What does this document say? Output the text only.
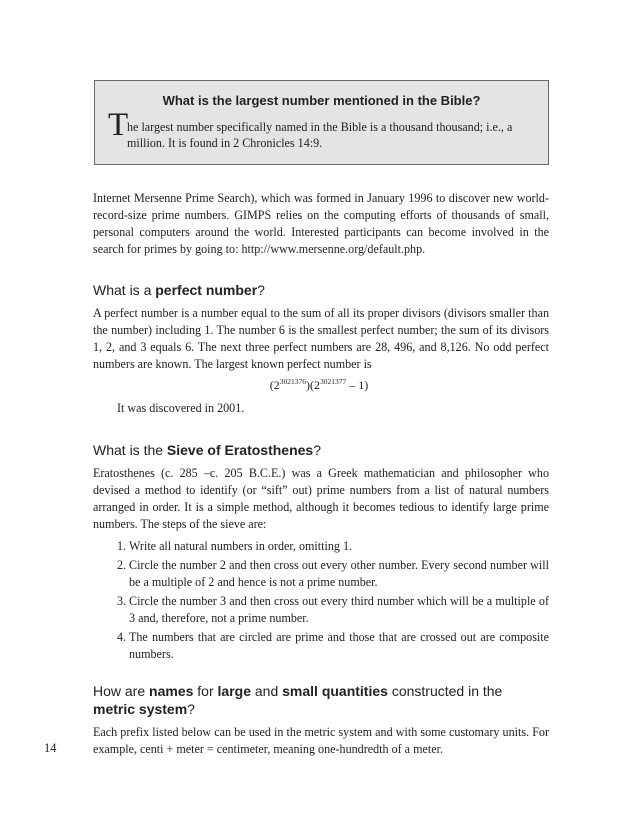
What is the largest number mentioned in the Bible?
T
he largest number specifically named in the Bible is a thousand thousand; i.e., a million. It is found in 2 Chronicles 14:9.
Internet Mersenne Prime Search), which was formed in January 1996 to discover new world-record-size prime numbers. GIMPS relies on the computing efforts of thousands of small, personal computers around the world. Interested participants can become involved in the search for primes by going to: http://www.mersenne.org/default.php.
What is a perfect number?
A perfect number is a number equal to the sum of all its proper divisors (divisors smaller than the number) including 1. The number 6 is the smallest perfect number; the sum of its divisors 1, 2, and 3 equals 6. The next three perfect numbers are 28, 496, and 8,126. No odd perfect numbers are known. The largest known perfect number is
$(2^{3021376})(2^{3021377} - 1)$
It was discovered in 2001.
What is the Sieve of Eratosthenes?
Eratosthenes (c. 285 –c. 205 B.C.E.) was a Greek mathematician and philosopher who devised a method to identify (or “sift” out) prime numbers from a list of natural numbers arranged in order. It is a simple method, although it becomes tedious to identify large prime numbers. The steps of the sieve are:
1. Write all natural numbers in order, omitting 1.
2. Circle the number 2 and then cross out every other number. Every second number will be a multiple of 2 and hence is not a prime number.
3. Circle the number 3 and then cross out every third number which will be a multiple of 3 and, therefore, not a prime number.
4. The numbers that are circled are prime and those that are crossed out are composite numbers.
How are names for large and small quantities constructed in the
metric system?
Each prefix listed below can be used in the metric system and with some customary units. For example, centi + meter = centimeter, meaning one-hundredth of a meter.
14
